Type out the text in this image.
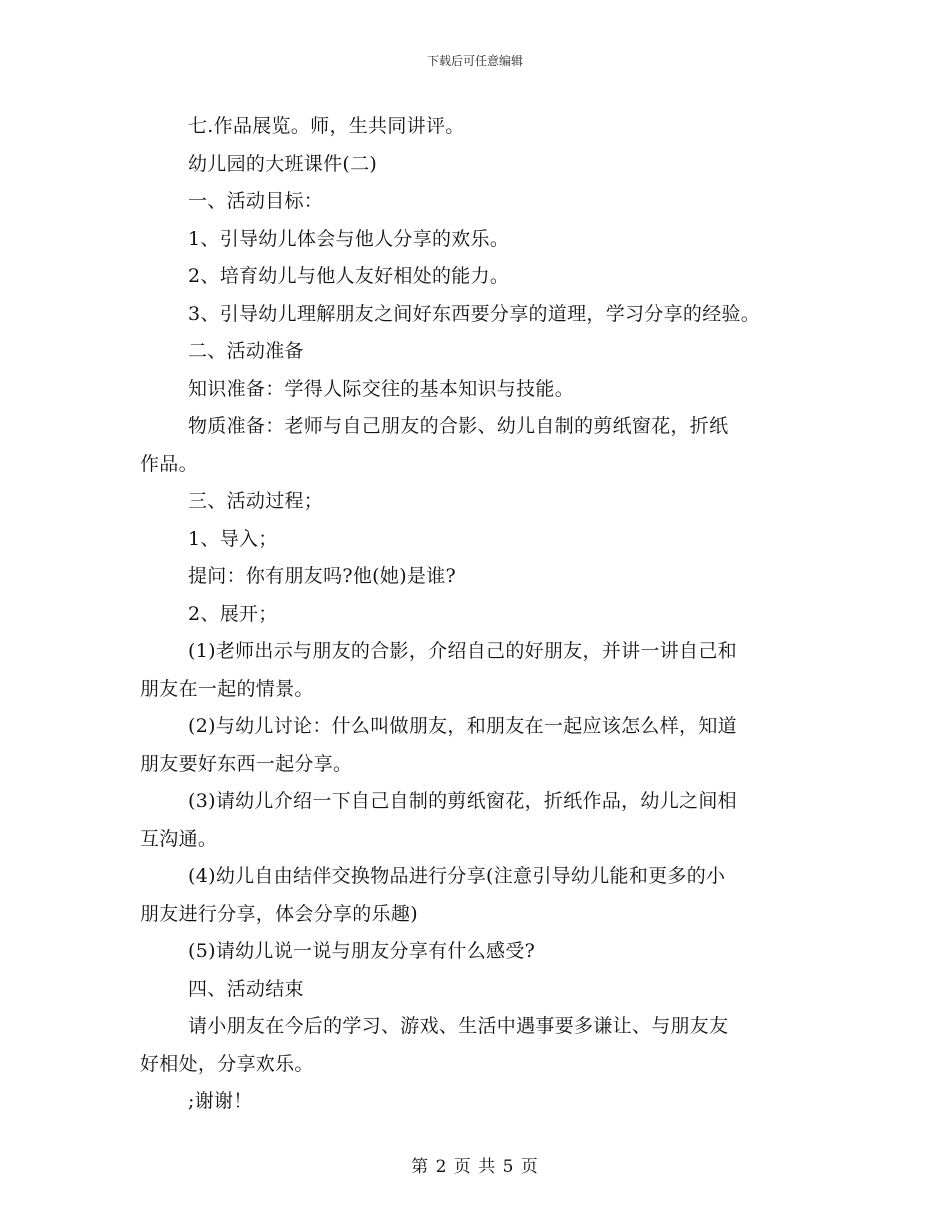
下载后可任意编辑
七.作品展览。师，生共同讲评。
幼儿园的大班课件(二)
一、活动目标：
1、引导幼儿体会与他人分享的欢乐。
2、培育幼儿与他人友好相处的能力。
3、引导幼儿理解朋友之间好东西要分享的道理，学习分享的经验。
二、活动准备
知识准备：学得人际交往的基本知识与技能。
物质准备：老师与自己朋友的合影、幼儿自制的剪纸窗花，折纸
作品。
三、活动过程；
1、导入；
提问：你有朋友吗?他(她)是谁?
2、展开；
(1)老师出示与朋友的合影，介绍自己的好朋友，并讲一讲自己和
朋友在一起的情景。
(2)与幼儿讨论：什么叫做朋友，和朋友在一起应该怎么样，知道
朋友要好东西一起分享。
(3)请幼儿介绍一下自己自制的剪纸窗花，折纸作品，幼儿之间相
互沟通。
(4)幼儿自由结伴交换物品进行分享(注意引导幼儿能和更多的小
朋友进行分享，体会分享的乐趣)
(5)请幼儿说一说与朋友分享有什么感受?
四、活动结束
请小朋友在今后的学习、游戏、生活中遇事要多谦让、与朋友友
好相处，分享欢乐。
;谢谢！
第 2 页 共 5 页
